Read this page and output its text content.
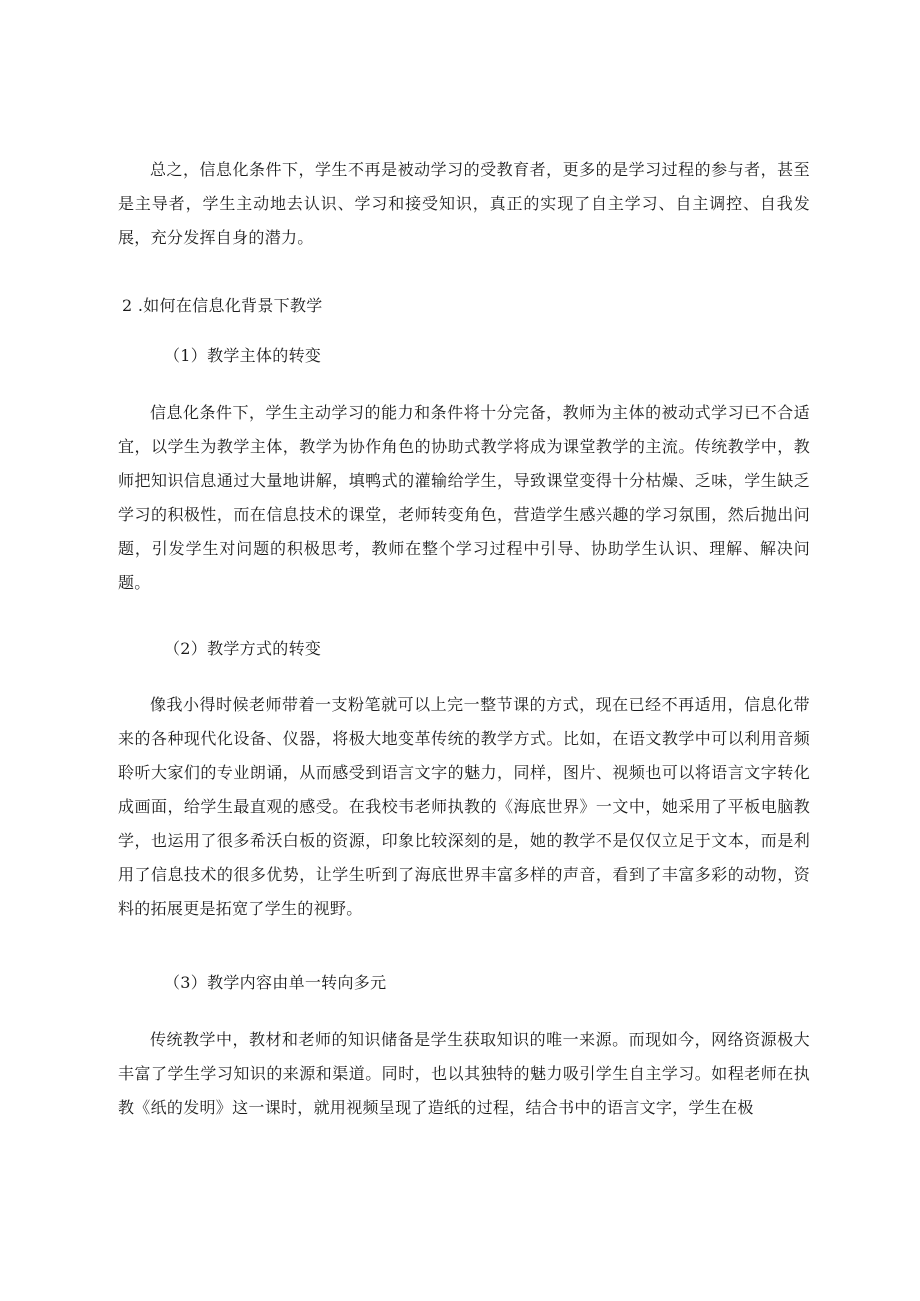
总之，信息化条件下，学生不再是被动学习的受教育者，更多的是学习过程的参与者，甚至是主导者，学生主动地去认识、学习和接受知识，真正的实现了自主学习、自主调控、自我发展，充分发挥自身的潜力。

2 .如何在信息化背景下教学

（1）教学主体的转变

信息化条件下，学生主动学习的能力和条件将十分完备，教师为主体的被动式学习已不合适宜，以学生为教学主体，教学为协作角色的协助式教学将成为课堂教学的主流。传统教学中，教师把知识信息通过大量地讲解，填鸭式的灌输给学生，导致课堂变得十分枯燥、乏味，学生缺乏学习的积极性，而在信息技术的课堂，老师转变角色，营造学生感兴趣的学习氛围，然后抛出问题，引发学生对问题的积极思考，教师在整个学习过程中引导、协助学生认识、理解、解决问题。

（2）教学方式的转变

像我小得时候老师带着一支粉笔就可以上完一整节课的方式，现在已经不再适用，信息化带来的各种现代化设备、仪器，将极大地变革传统的教学方式。比如，在语文教学中可以利用音频聆听大家们的专业朗诵，从而感受到语言文字的魅力，同样，图片、视频也可以将语言文字转化成画面，给学生最直观的感受。在我校韦老师执教的《海底世界》一文中，她采用了平板电脑教学，也运用了很多希沃白板的资源，印象比较深刻的是，她的教学不是仅仅立足于文本，而是利用了信息技术的很多优势，让学生听到了海底世界丰富多样的声音，看到了丰富多彩的动物，资料的拓展更是拓宽了学生的视野。

（3）教学内容由单一转向多元

传统教学中，教材和老师的知识储备是学生获取知识的唯一来源。而现如今，网络资源极大丰富了学生学习知识的来源和渠道。同时，也以其独特的魅力吸引学生自主学习。如程老师在执教《纸的发明》这一课时，就用视频呈现了造纸的过程，结合书中的语言文字，学生在极
